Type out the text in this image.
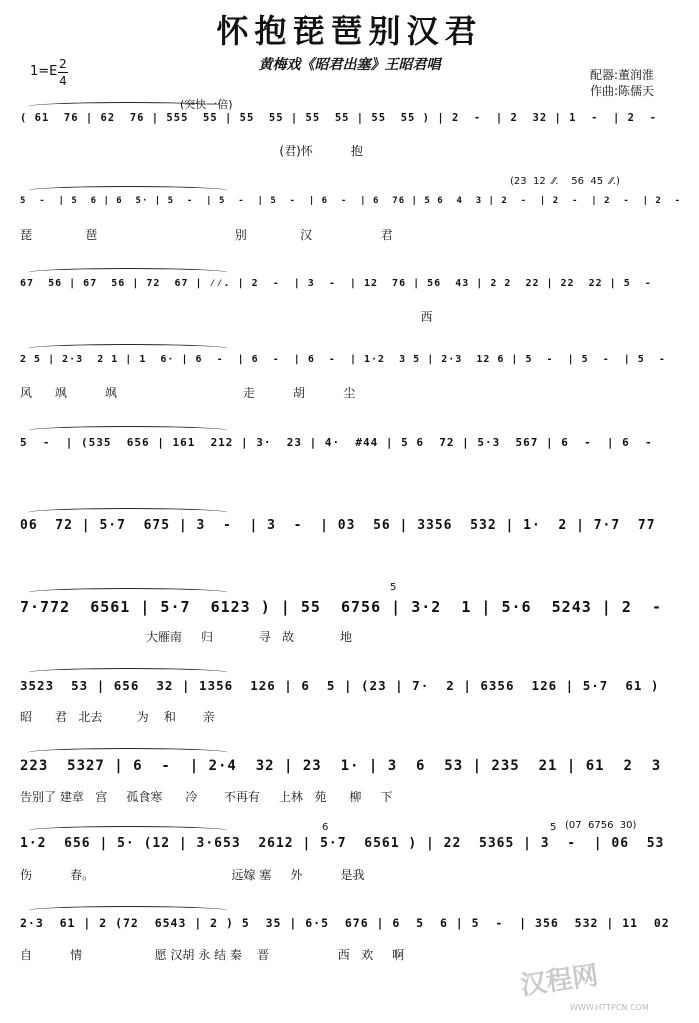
怀抱琵琶别汉君
黄梅戏《昭君出塞》王昭君唱
配器:董润淮
作曲:陈儒天
1=E 2
4
(突快一倍)
(23  12  ⁄⁄.    56  45  ⁄⁄.)
5
6	5 (07  6756  30)
( 61  76 | 62  76 | 555  55 | 55  55 | 55  55 | 55  55 ) | 2  -  | 2  32 | 1  -  | 2  -
(君)怀          抱
5  -  | 5  6 | 6  5· | 5  -  | 5  -  | 5  -  | 6  -  | 6  76 | 5 6  4  3 | 2  -  | 2  -  | 2  -  | 2  -
琵              琶                                    别              汉                  君
67  56 | 67  56 | 72  67 | ⁄⁄. | 2  -  | 3  -  | 12  76 | 56  43 | 2 2  22 | 22  22 | 5  -
西
2 5 | 2·3  2 1 | 1  6· | 6  -  | 6  -  | 6  -  | 1·2  3 5 | 2·3  12 6 | 5  -  | 5  -  | 5  -
风      飒          飒                                 走          胡          尘
5  -  | (535  656 | 161  212 | 3·  23 | 4·  #44 | 5 6  72 | 5·3  567 | 6  -  | 6  -
06  72 | 5·7  675 | 3  -  | 3  -  | 03  56 | 3356  532 | 1·  2 | 7·7  77
7·772  6561 | 5·7  6123 ) | 55  6756 | 3·2  1 | 5·6  5243 | 2  -
大雁南     归            寻   故            地
3523  53 | 656  32 | 1356  126 | 6  5 | (23 | 7·  2 | 6356  126 | 5·7  61 )
昭      君   北去         为    和       亲
223  5327 | 6  -  | 2·4  32 | 23  1· | 3  6  53 | 235  21 | 61  2  3
告别了 建章   宫     孤食寒      冷       不再有     上林   苑      柳     下
1·2  656 | 5· (12 | 3·653  2612 | 5·7  6561 ) | 22  5365 | 3  -  | 06  53
伤          春。                                    远嫁 塞     外          是我
2·3  61 | 2 (72  6543 | 2 ) 5  35 | 6·5  676 | 6  5  6 | 5  -  | 356  532 | 11  02
自          情                   愿 汉胡 永 结 秦    晋                  西   欢     啊
汉程网
WWW.HTTPCN.COM
